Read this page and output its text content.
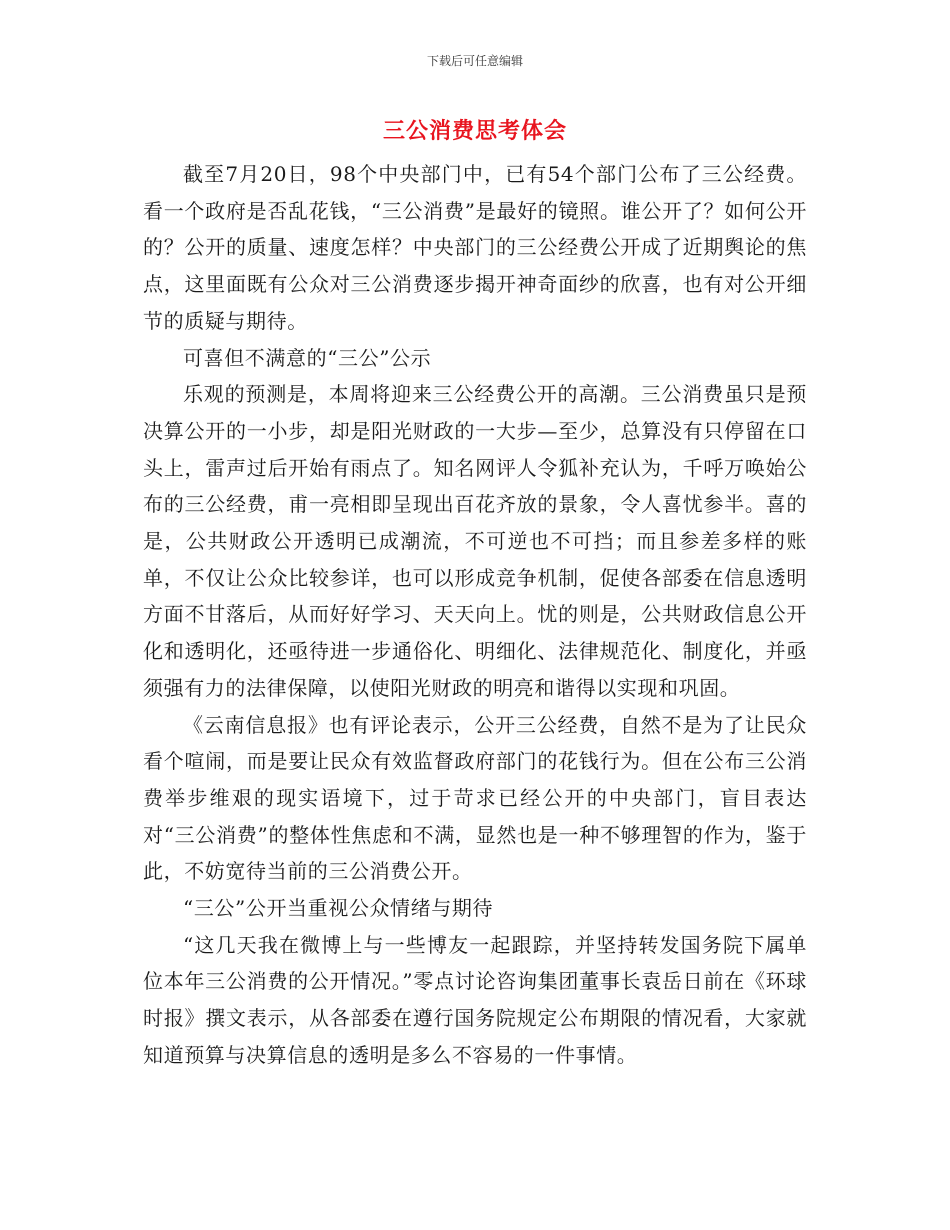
下载后可任意编辑
三公消费思考体会

截至7月20日，98个中央部门中，已有54个部门公布了三公经费。看一个政府是否乱花钱，“三公消费”是最好的镜照。谁公开了？如何公开的？公开的质量、速度怎样？中央部门的三公经费公开成了近期舆论的焦点，这里面既有公众对三公消费逐步揭开神奇面纱的欣喜，也有对公开细节的质疑与期待。

可喜但不满意的“三公”公示

乐观的预测是，本周将迎来三公经费公开的高潮。三公消费虽只是预决算公开的一小步，却是阳光财政的一大步—至少，总算没有只停留在口头上，雷声过后开始有雨点了。知名网评人令狐补充认为，千呼万唤始公布的三公经费，甫一亮相即呈现出百花齐放的景象，令人喜忧参半。喜的是，公共财政公开透明已成潮流，不可逆也不可挡；而且参差多样的账单，不仅让公众比较参详，也可以形成竞争机制，促使各部委在信息透明方面不甘落后，从而好好学习、天天向上。忧的则是，公共财政信息公开化和透明化，还亟待进一步通俗化、明细化、法律规范化、制度化，并亟须强有力的法律保障，以使阳光财政的明亮和谐得以实现和巩固。

《云南信息报》也有评论表示，公开三公经费，自然不是为了让民众看个喧闹，而是要让民众有效监督政府部门的花钱行为。但在公布三公消费举步维艰的现实语境下，过于苛求已经公开的中央部门，盲目表达对“三公消费”的整体性焦虑和不满，显然也是一种不够理智的作为，鉴于此，不妨宽待当前的三公消费公开。

“三公”公开当重视公众情绪与期待

“这几天我在微博上与一些博友一起跟踪，并坚持转发国务院下属单位本年三公消费的公开情况。”零点讨论咨询集团董事长袁岳日前在《环球时报》撰文表示，从各部委在遵行国务院规定公布期限的情况看，大家就知道预算与决算信息的透明是多么不容易的一件事情。
